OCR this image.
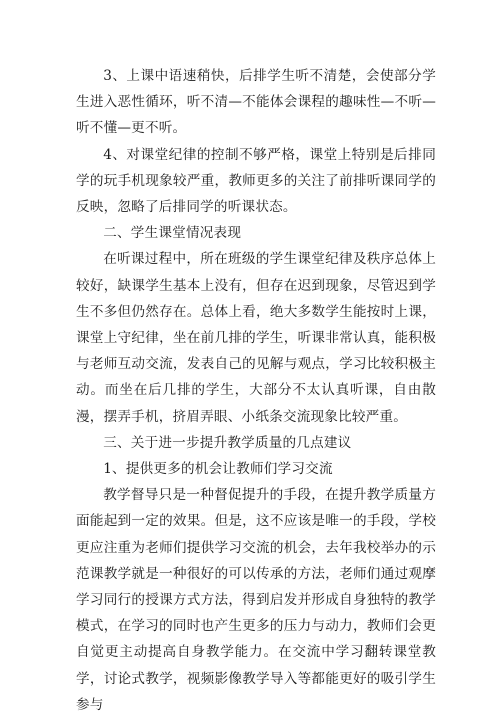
3、上课中语速稍快，后排学生听不清楚，会使部分学生进入恶性循环，听不清—不能体会课程的趣味性—不听—听不懂—更不听。

4、对课堂纪律的控制不够严格，课堂上特别是后排同学的玩手机现象较严重，教师更多的关注了前排听课同学的反映，忽略了后排同学的听课状态。

二、学生课堂情况表现

在听课过程中，所在班级的学生课堂纪律及秩序总体上较好，缺课学生基本上没有，但存在迟到现象，尽管迟到学生不多但仍然存在。总体上看，绝大多数学生能按时上课，课堂上守纪律，坐在前几排的学生，听课非常认真，能积极与老师互动交流，发表自己的见解与观点，学习比较积极主动。而坐在后几排的学生，大部分不太认真听课，自由散漫，摆弄手机，挤眉弄眼、小纸条交流现象比较严重。

三、关于进一步提升教学质量的几点建议

1、提供更多的机会让教师们学习交流

教学督导只是一种督促提升的手段，在提升教学质量方面能起到一定的效果。但是，这不应该是唯一的手段，学校更应注重为老师们提供学习交流的机会，去年我校举办的示范课教学就是一种很好的可以传承的方法，老师们通过观摩学习同行的授课方式方法，得到启发并形成自身独特的教学模式，在学习的同时也产生更多的压力与动力，教师们会更自觉更主动提高自身教学能力。在交流中学习翻转课堂教学，讨论式教学，视频影像教学导入等都能更好的吸引学生参与
